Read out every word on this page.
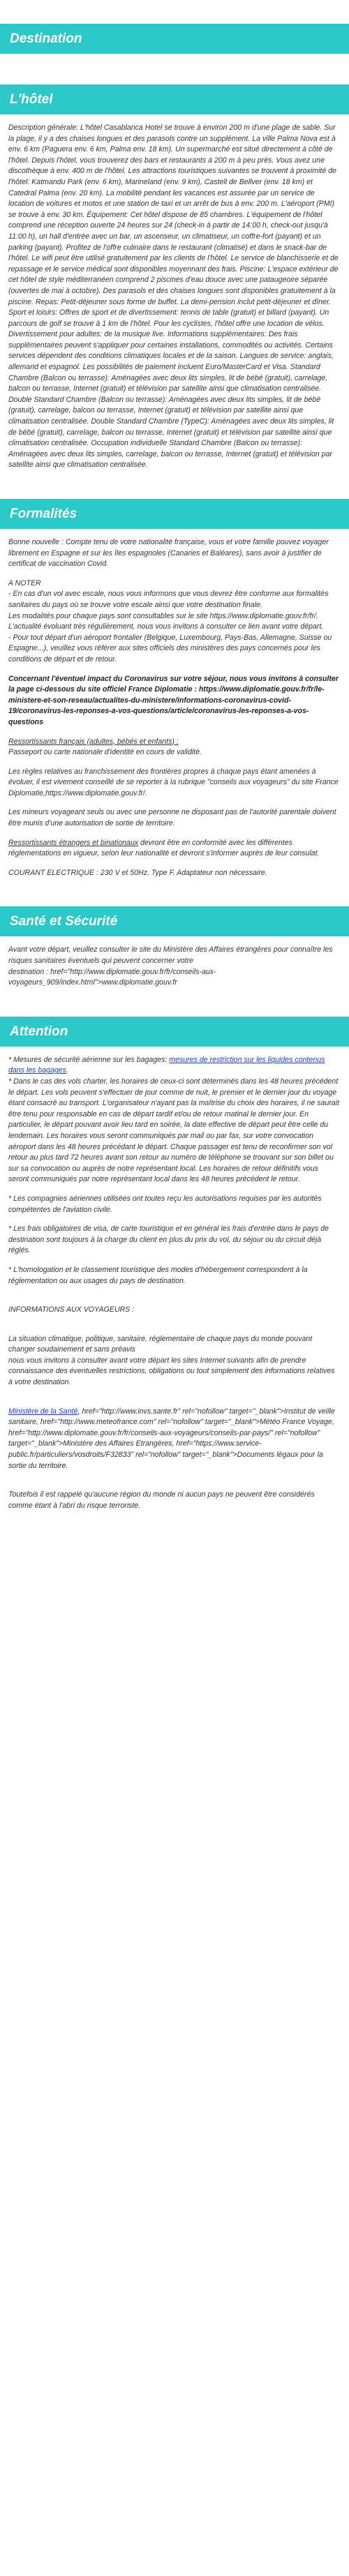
Destination
L'hôtel

Description générale: L'hôtel Casablanca Hotel se trouve à environ 200 m d'une plage de sable. Sur la plage, il y a des chaises longues et des parasols contre un supplément. La ville Palma Nova est à env. 6 km (Paguera env. 6 km, Palma env. 18 km). Un supermarché est situé directement à côté de l'hôtel. Depuis l'hôtel, vous trouverez des bars et restaurants à 200 m à peu près. Vous avez une discothèque à env. 400 m de l'hôtel. Les attractions touristiques suivantes se trouvent à proximité de l'hôtel: Katmandu Park (env. 6 km), Marineland (env. 9 km), Castell de Bellver (env. 18 km) et Catedral Palma (env. 20 km). La mobilité pendant les vacances est assurée par un service de location de voitures et motos et une station de taxi et un arrêt de bus à env. 200 m. L'aéroport (PMI) se trouve à env. 30 km. Équipement: Cet hôtel dispose de 85 chambres. L'équipement de l'hôtel comprend une réception ouverte 24 heures sur 24 (check-in à partir de 14:00 h, check-out jusqu'à 11:00 h), un hall d'entrée avec un bar, un ascenseur, un climatiseur, un coffre-fort (payant) et un parking (payant). Profitez de l'offre culinaire dans le restaurant (climatisé) et dans le snack-bar de l'hôtel. Le wifi peut être utilisé gratuitement par les clients de l'hôtel. Le service de blanchisserie et de repassage et le service médical sont disponibles moyennant des frais. Piscine: L'espace extérieur de cet hôtel de style méditerranéen comprend 2 piscines d'eau douce avec une pataugeoire séparée (ouvertes de mai à octobre). Des parasols et des chaises longues sont disponibles gratuitement à la piscine. Repas: Petit-déjeuner sous forme de buffet. La demi-pension inclut petit-déjeuner et dîner. Sport et loisirs: Offres de sport et de divertissement: tennis de table (gratuit) et billard (payant). Un parcours de golf se trouve à 1 km de l'hôtel. Pour les cyclistes, l'hôtel offre une location de vélos. Divertissement pour adultes: de la musique live. Informations supplémentaires: Des frais supplémentaires peuvent s'appliquer pour certaines installations, commodités ou activités. Certains services dépendent des conditions climatiques locales et de la saison. Langues de service: anglais, allemand et espagnol. Les possibilités de paiement incluent Euro/MasterCard et Visa. Standard Chambre (Balcon ou terrasse): Aménagées avec deux lits simples, lit de bébé (gratuit), carrelage, balcon ou terrasse, Internet (gratuit) et télévision par satellite ainsi que climatisation centralisée. Double Standard Chambre (Balcon ou terrasse): Aménagées avec deux lits simples, lit de bébé (gratuit), carrelage, balcon ou terrasse, Internet (gratuit) et télévision par satellite ainsi que climatisation centralisée. Double Standard Chambre (TypeC): Aménagées avec deux lits simples, lit de bébé (gratuit), carrelage, balcon ou terrasse, Internet (gratuit) et télévision par satellite ainsi que climatisation centralisée. Occupation individuelle Standard Chambre (Balcon ou terrasse): Aménagées avec deux lits simples, carrelage, balcon ou terrasse, Internet (gratuit) et télévision par satellite ainsi que climatisation centralisée.

Formalités

Bonne nouvelle : Compte tenu de votre nationalité française, vous et votre famille pouvez voyager librement en Espagne et sur les îles espagnoles (Canaries et Baléares), sans avoir à justifier de certificat de vaccination Covid.

A NOTER
- En cas d'un vol avec escale, nous vous informons que vous devrez être conforme aux formalités sanitaires du pays où se trouve votre escale ainsi que votre destination finale.
Les modalités pour chaque pays sont consultables sur le site https://www.diplomatie.gouv.fr/fr/. L'actualité évoluant très régulièrement, nous vous invitons à consulter ce lien avant votre départ.
- Pour tout départ d'un aéroport frontalier (Belgique, Luxembourg, Pays-Bas, Allemagne, Suisse ou Espagne...), veuillez vous référer aux sites officiels des ministères des pays concernés pour les conditions de départ et de retour.

Concernant l'éventuel impact du Coronavirus sur votre séjour, nous vous invitons à consulter la page ci-dessous du site officiel France Diplomatie : https://www.diplomatie.gouv.fr/fr/le-ministere-et-son-reseau/actualites-du-ministere/informations-coronavirus-covid-19/coronavirus-les-reponses-a-vos-questions/article/coronavirus-les-reponses-a-vos-questions

Ressortissants français (adultes, bébés et enfants) :
Passeport ou carte nationale d'identité en cours de validité.

Les règles relatives au franchissement des frontières propres à chaque pays étant amenées à évoluer, il est vivement conseillé de se reporter à la rubrique "conseils aux voyageurs" du site France Diplomatie,https://www.diplomatie.gouv.fr/.

Les mineurs voyageant seuls ou avec une personne ne disposant pas de l'autorité parentale doivent être munis d'une autorisation de sortie de territoire.

Ressortissants étrangers et binationaux devront être en conformité avec les différentes réglementations en vigueur, selon leur nationalité et devront s'informer auprès de leur consulat.

COURANT ELECTRIQUE : 230 V et 50Hz. Type F. Adaptateur non nécessaire.

Santé et Sécurité

Avant votre départ, veuillez consulter le site du Ministère des Affaires étrangères pour connaître les risques sanitaires éventuels qui peuvent concerner votre
destination : href="http://www.diplomatie.gouv.fr/fr/conseils-aux-voyageurs_909/index.html">www.diplomatie.gouv.fr

Attention

* Mesures de sécurité aérienne sur les bagages: mesures de restriction sur les liquides contenus dans les bagages.

* Dans le cas des vols charter, les horaires de ceux-ci sont déterminés dans les 48 heures précédent le départ. Les vols peuvent s'effectuer de jour comme de nuit, le premier et le dernier jour du voyage étant consacré au transport. L'organisateur n'ayant pas la maîtrise du choix des horaires, il ne saurait être tenu pour responsable en cas de départ tardif et/ou de retour matinal le dernier jour. En particulier, le départ pouvant avoir lieu tard en soirée, la date effective de départ peut être celle du lendemain. Les horaires vous seront communiqués par mail ou par fax, sur votre convocation aéroport dans les 48 heures précédant le départ. Chaque passager est tenu de reconfirmer son vol retour au plus tard 72 heures avant son retour au numéro de téléphone se trouvant sur son billet ou sur sa convocation ou auprès de notre représentant local. Les horaires de retour définitifs vous seront communiqués par notre représentant local dans les 48 heures précédent le retour.

* Les compagnies aériennes utilisées ont toutes reçu les autorisations requises par les autorités compétentes de l'aviation civile.

* Les frais obligatoires de visa, de carte touristique et en général les frais d'entrée dans le pays de destination sont toujours à la charge du client en plus du prix du vol, du séjour ou du circuit déjà réglés.

* L'homologation et le classement touristique des modes d'hébergement correspondent à la réglementation ou aux usages du pays de destination.

INFORMATIONS AUX VOYAGEURS :

La situation climatique, politique, sanitaire, réglementaire de chaque pays du monde pouvant changer soudainement et sans préavis
nous vous invitons à consulter avant votre départ les sites Internet suivants afin de prendre connaissance des éventuelles restrictions, obligations ou tout simplement des informations relatives à votre destination.

Ministère de la Santé, href="http://www.invs.sante.fr" rel="nofollow" target="_blank">Institut de veille sanitaire, href="http://www.meteofrance.com" rel="nofollow" target="_blank">Météo France Voyage, href="http://www.diplomatie.gouv.fr/fr/conseils-aux-voyageurs/conseils-par-pays/" rel="nofollow" target="_blank">Ministère des Affaires Etrangères, href="https://www.service-public.fr/particuliers/vosdroits/F32833" rel="nofollow" target="_blank">Documents légaux pour la sortie du territoire.

Toutefois il est rappelé qu'aucune région du monde ni aucun pays ne peuvent être considérés comme étant à l'abri du risque terroriste.
